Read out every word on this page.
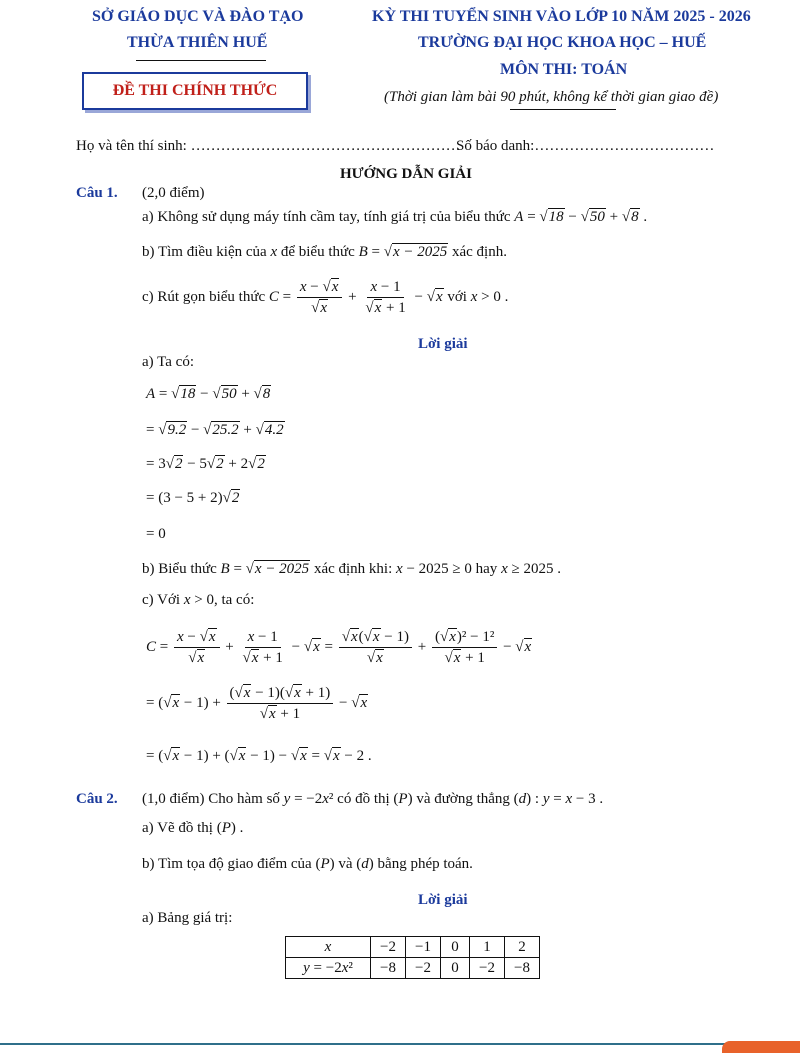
SỞ GIÁO DỤC VÀ ĐÀO TẠO
THỪA THIÊN HUẾ
ĐỀ THI CHÍNH THỨC
KỲ THI TUYỂN SINH VÀO LỚP 10 NĂM 2025 - 2026
TRƯỜNG ĐẠI HỌC KHOA HỌC – HUẾ
MÔN THI: TOÁN
(Thời gian làm bài 90 phút, không kể thời gian giao đề)
Họ và tên thí sinh: ………………………………………………
Số báo danh:………………………………
HƯỚNG DẪN GIẢI
Câu 1. (2,0 điểm)
a) Không sử dụng máy tính cầm tay, tính giá trị của biểu thức A = √18 − √50 + √8 .
b) Tìm điều kiện của x để biểu thức B = √x − 2025 xác định.
c) Rút gọn biểu thức $C = \frac{x - √x}{√x} + \frac{x - 1}{√x + 1} - √x$ với x > 0 .
Lời giải
a) Ta có:
A = √18 − √50 + √8
= √9.2 − √25.2 + √4.2
= 3√2 − 5√2 + 2√2
= (3 − 5 + 2)√2
= 0
b) Biểu thức B = √x − 2025 xác định khi: x − 2025 ≥ 0 hay x ≥ 2025 .
c) Với x > 0, ta có:
$C = \frac{x - √x}{√x} + \frac{x - 1}{√x + 1} - √x = \frac{√x(√x - 1)}{√x} + \frac{\text{(√x)² − 1²}}{√x + 1} - √x$
= $(√x - 1) + \frac{(√x - 1)(√x + 1)}{√x + 1} - √x$
= (√x − 1) + (√x − 1) − √x = √x − 2 .
Câu 2. (1,0 điểm) Cho hàm số y = −2x² có đồ thị (P) và đường thẳng (d) : y = x − 3 .
a) Vẽ đồ thị (P) .
b) Tìm tọa độ giao điểm của (P) và (d) bằng phép toán.
Lời giải
a) Bảng giá trị:
x	−2	−1	0	1	2
y = −2x²	−8	−2	0	−2	−8
